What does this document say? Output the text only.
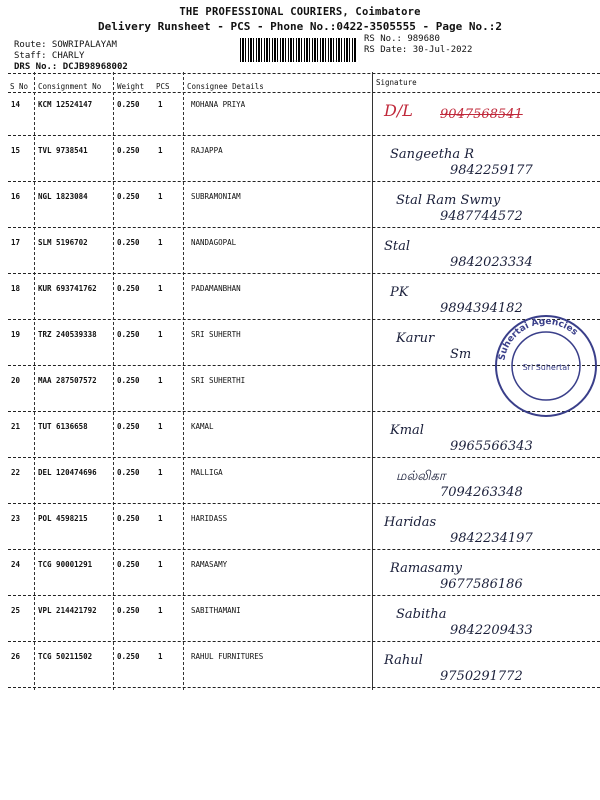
THE PROFESSIONAL COURIERS, Coimbatore
Delivery Runsheet - PCS - Phone No.:0422-3505555 - Page No.:2
Route: SOWRIPALAYAM
Staff: CHARLY
DRS No.: DCJB98968002
RS No.: 989680
RS Date: 30-Jul-2022
S No Consignment No Weight PCS Consignee Details	Signature
14 KCM 12524147	0.250 1	MOHANA PRIYA	D/L 9047568541
15 TVL 9738541	0.250 1	RAJAPPA	Sangeetha R
9842259177
16 NGL 1823084	0.250 1	SUBRAMONIAM	Stal Ram Swmy
9487744572
17 SLM 5196702	0.250 1	NANDAGOPAL	Stal
9842023334
18 KUR 693741762	0.250 1	PADAMANBHAN	PK
9894394182
19 TRZ 240539338	0.250 1	SRI SUHERTH	Karur
Sm
20 MAA 287507572	0.250 1	SRI SUHERTHI
21 TUT 6136658	0.250 1	KAMAL	Kmal
9965566343
22 DEL 120474696	0.250 1	MALLIGA	மல்லிகா
7094263348
23 POL 4598215	0.250 1	HARIDASS	Haridas
9842234197
24 TCG 90001291	0.250 1	RAMASAMY	Ramasamy
9677586186
25 VPL 214421792	0.250 1	SABITHAMANI	Sabitha
9842209433
26 TCG 50211502	0.250 1	RAHUL FURNITURES	Rahul
9750291772
Suhertai Agencies
Sri Suhertai
